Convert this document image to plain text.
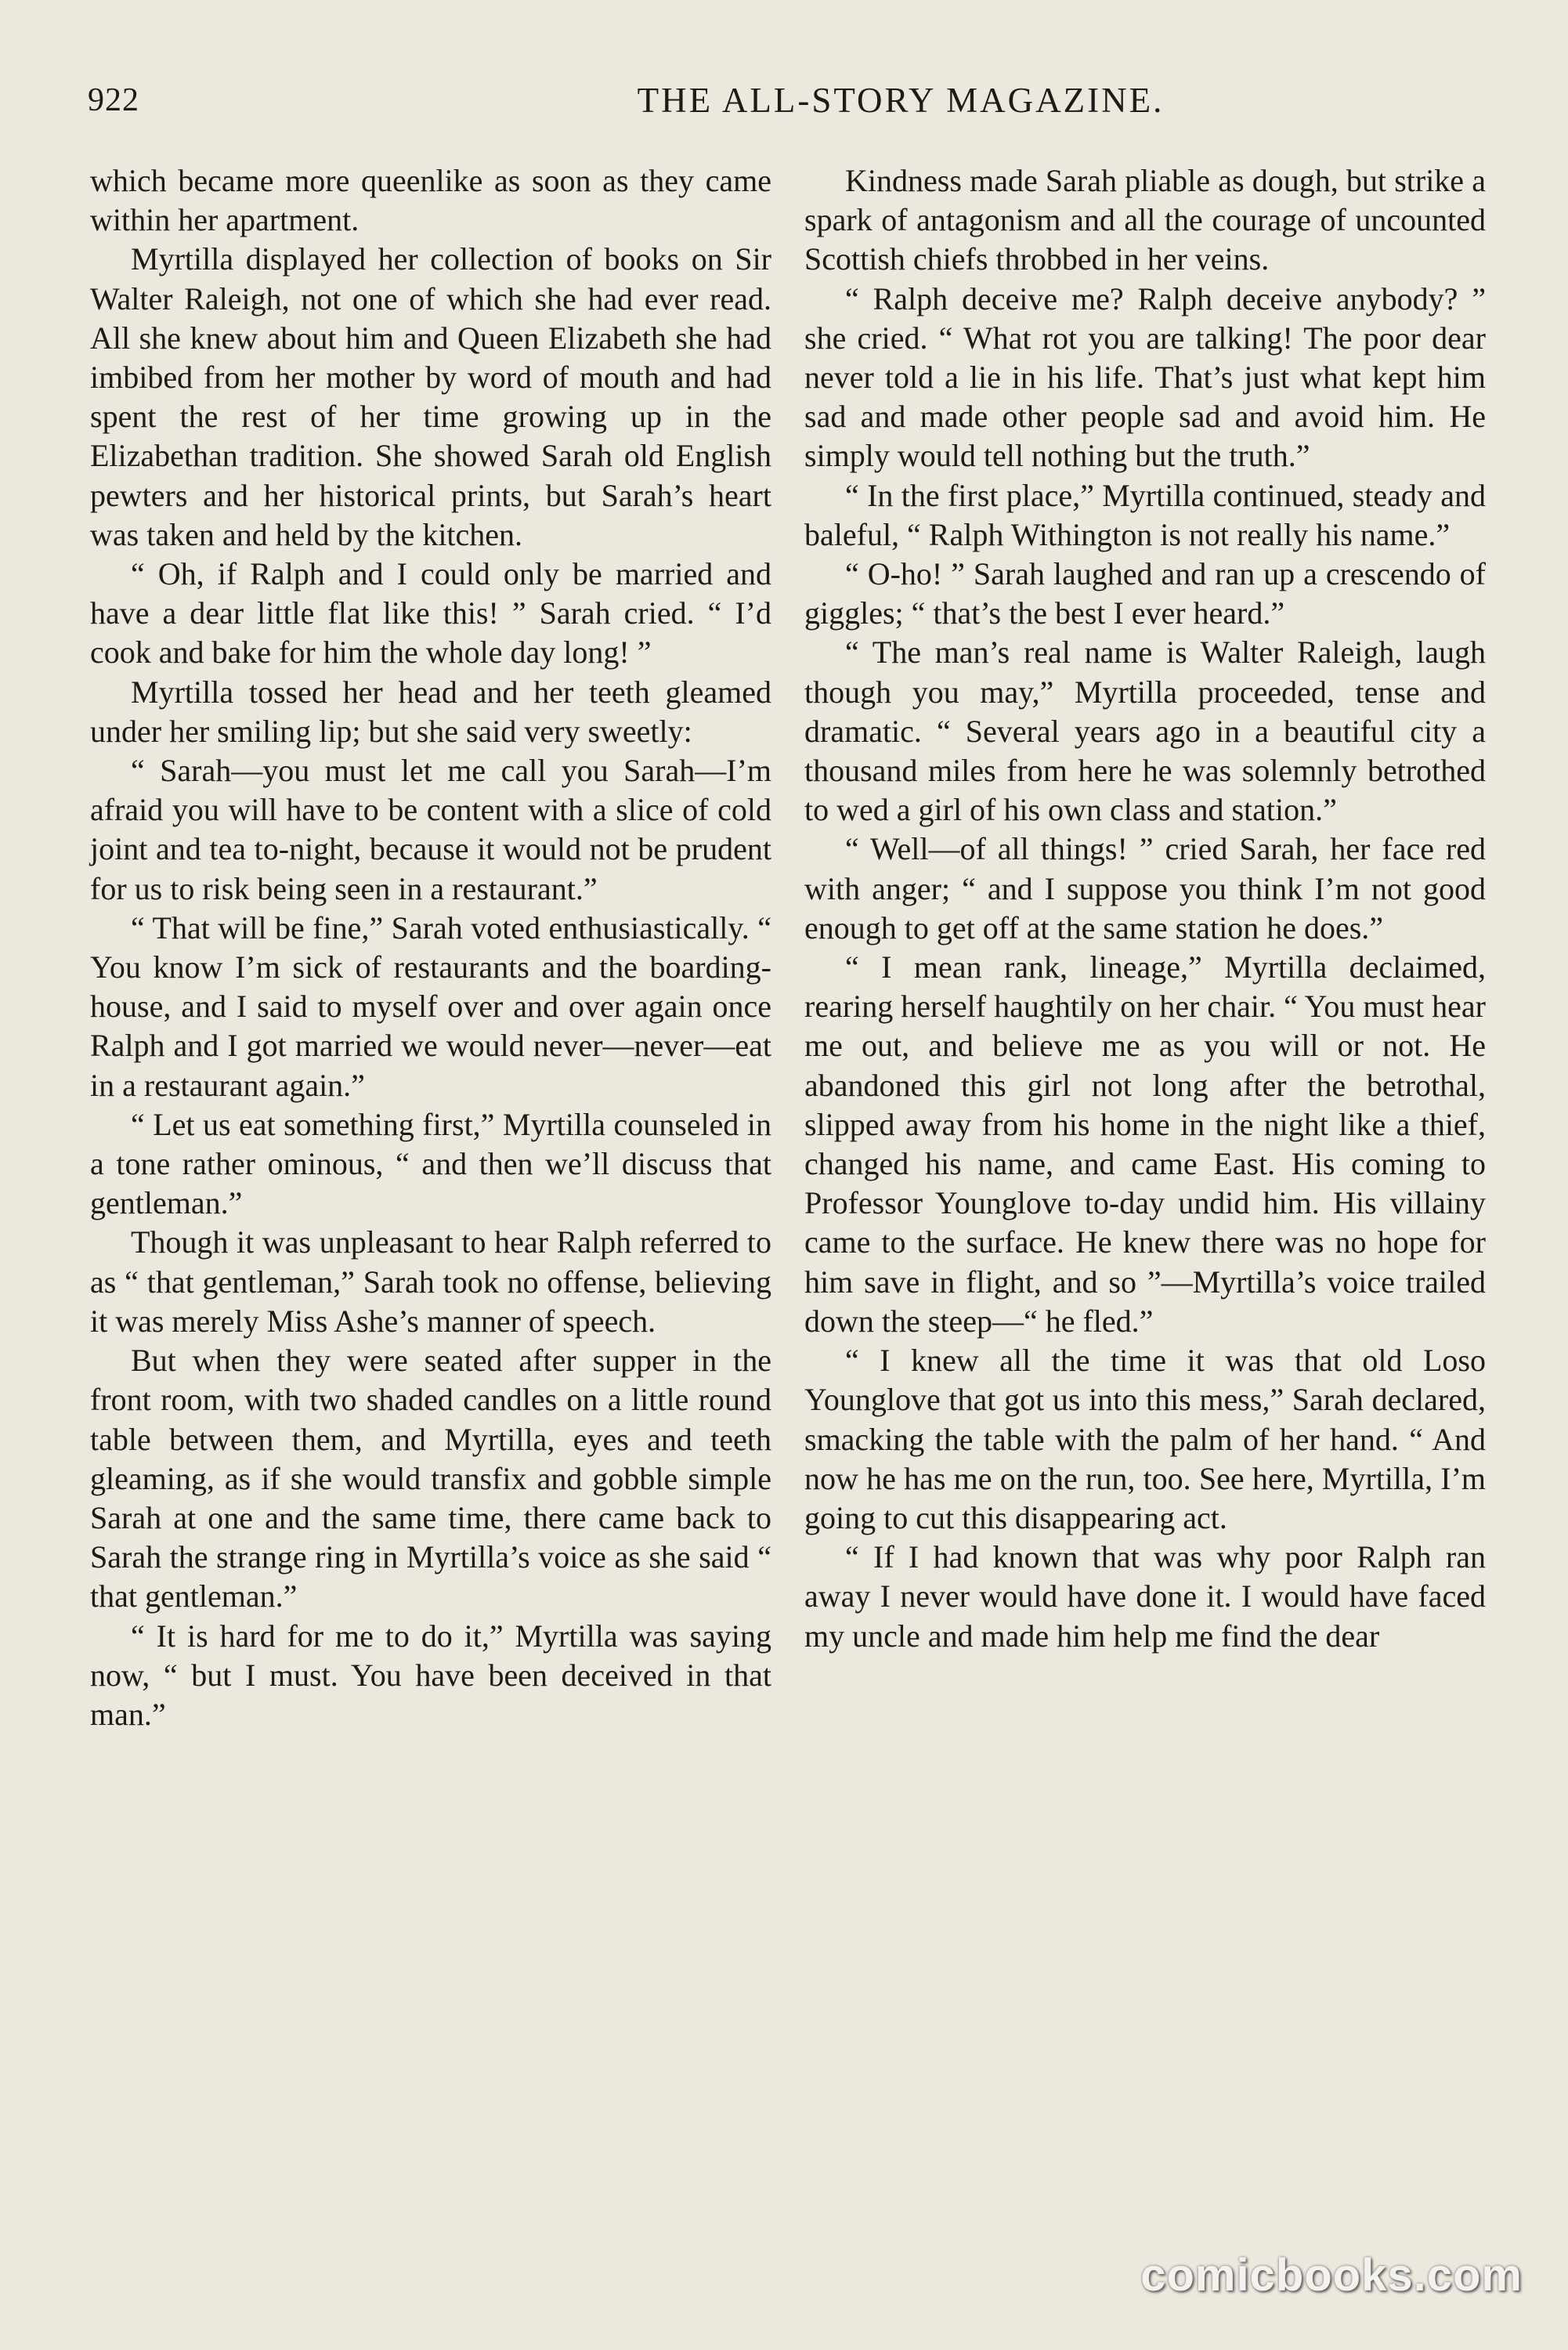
922	THE ALL-STORY MAGAZINE.

which became more queenlike as soon as they came within her apartment.

Myrtilla displayed her collection of books on Sir Walter Raleigh, not one of which she had ever read. All she knew about him and Queen Elizabeth she had imbibed from her mother by word of mouth and had spent the rest of her time growing up in the Elizabethan tradition. She showed Sarah old English pewters and her historical prints, but Sarah’s heart was taken and held by the kitchen.

“ Oh, if Ralph and I could only be married and have a dear little flat like this! ” Sarah cried. “ I’d cook and bake for him the whole day long! ”

Myrtilla tossed her head and her teeth gleamed under her smiling lip; but she said very sweetly:

“ Sarah—you must let me call you Sarah—I’m afraid you will have to be content with a slice of cold joint and tea to-night, because it would not be prudent for us to risk being seen in a restaurant.”

“ That will be fine,” Sarah voted enthusiastically. “ You know I’m sick of restaurants and the boarding-house, and I said to myself over and over again once Ralph and I got married we would never—never—eat in a restaurant again.”

“ Let us eat something first,” Myrtilla counseled in a tone rather ominous, “ and then we’ll discuss that gentleman.”

Though it was unpleasant to hear Ralph referred to as “ that gentleman,” Sarah took no offense, believing it was merely Miss Ashe’s manner of speech.

But when they were seated after supper in the front room, with two shaded candles on a little round table between them, and Myrtilla, eyes and teeth gleaming, as if she would transfix and gobble simple Sarah at one and the same time, there came back to Sarah the strange ring in Myrtilla’s voice as she said “ that gentleman.”

“ It is hard for me to do it,” Myrtilla was saying now, “ but I must. You have been deceived in that man.”

Kindness made Sarah pliable as dough, but strike a spark of antagonism and all the courage of uncounted Scottish chiefs throbbed in her veins.

“ Ralph deceive me? Ralph deceive anybody? ” she cried. “ What rot you are talking! The poor dear never told a lie in his life. That’s just what kept him sad and made other people sad and avoid him. He simply would tell nothing but the truth.”

“ In the first place,” Myrtilla continued, steady and baleful, “ Ralph Withington is not really his name.”

“ O-ho! ” Sarah laughed and ran up a crescendo of giggles; “ that’s the best I ever heard.”

“ The man’s real name is Walter Raleigh, laugh though you may,” Myrtilla proceeded, tense and dramatic. “ Several years ago in a beautiful city a thousand miles from here he was solemnly betrothed to wed a girl of his own class and station.”

“ Well—of all things! ” cried Sarah, her face red with anger; “ and I suppose you think I’m not good enough to get off at the same station he does.”

“ I mean rank, lineage,” Myrtilla declaimed, rearing herself haughtily on her chair. “ You must hear me out, and believe me as you will or not. He abandoned this girl not long after the betrothal, slipped away from his home in the night like a thief, changed his name, and came East. His coming to Professor Younglove to-day undid him. His villainy came to the surface. He knew there was no hope for him save in flight, and so ”—Myrtilla’s voice trailed down the steep—“ he fled.”

“ I knew all the time it was that old Loso Younglove that got us into this mess,” Sarah declared, smacking the table with the palm of her hand. “ And now he has me on the run, too. See here, Myrtilla, I’m going to cut this disappearing act.

“ If I had known that was why poor Ralph ran away I never would have done it. I would have faced my uncle and made him help me find the dear

comicbooks.com
